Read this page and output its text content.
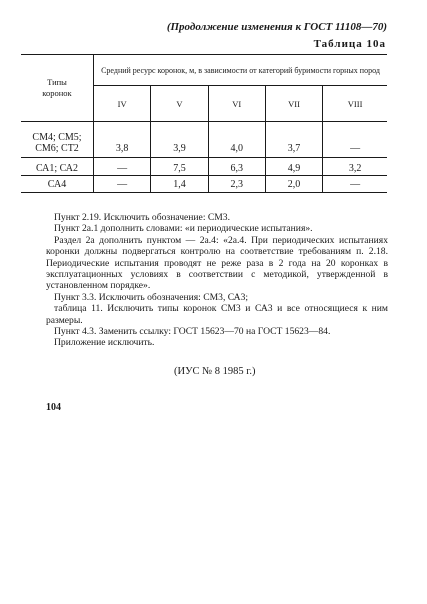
(Продолжение изменения к ГОСТ 11108—70)
Таблица 10a
Типы
коронок	Средний ресурс коронок, м, в зависимости от категорий буримости горных пород				
	IV	V	VI	VII	VIII

СМ4; СМ5;
СМ6; СТ2	3,8	3,9	4,0	3,7	—

СА1; СА2	—	7,5	6,3	4,9	3,2

СА4	—	1,4	2,3	2,0	—

Пункт 2.19. Исключить обозначение: СМ3.

Пункт 2а.1 дополнить словами: «и периодические испытания».

Раздел 2а дополнить пунктом — 2а.4: «2а.4. При периодических испытаниях коронки должны подвергаться контролю на соответствие требованиям п. 2.18. Периодические испытания проводят не реже раза в 2 года на 20 коронках в эксплуатационных условиях в соответствии с методикой, утвержденной в установленном порядке».

Пункт 3.3. Исключить обозначения: СМ3, СА3;

таблица 11. Исключить типы коронок СМ3 и СА3 и все относящиеся к ним размеры.

Пункт 4.3. Заменить ссылку: ГОСТ 15623—70 на ГОСТ 15623—84.

Приложение исключить.

(ИУС № 8 1985 г.)
104
